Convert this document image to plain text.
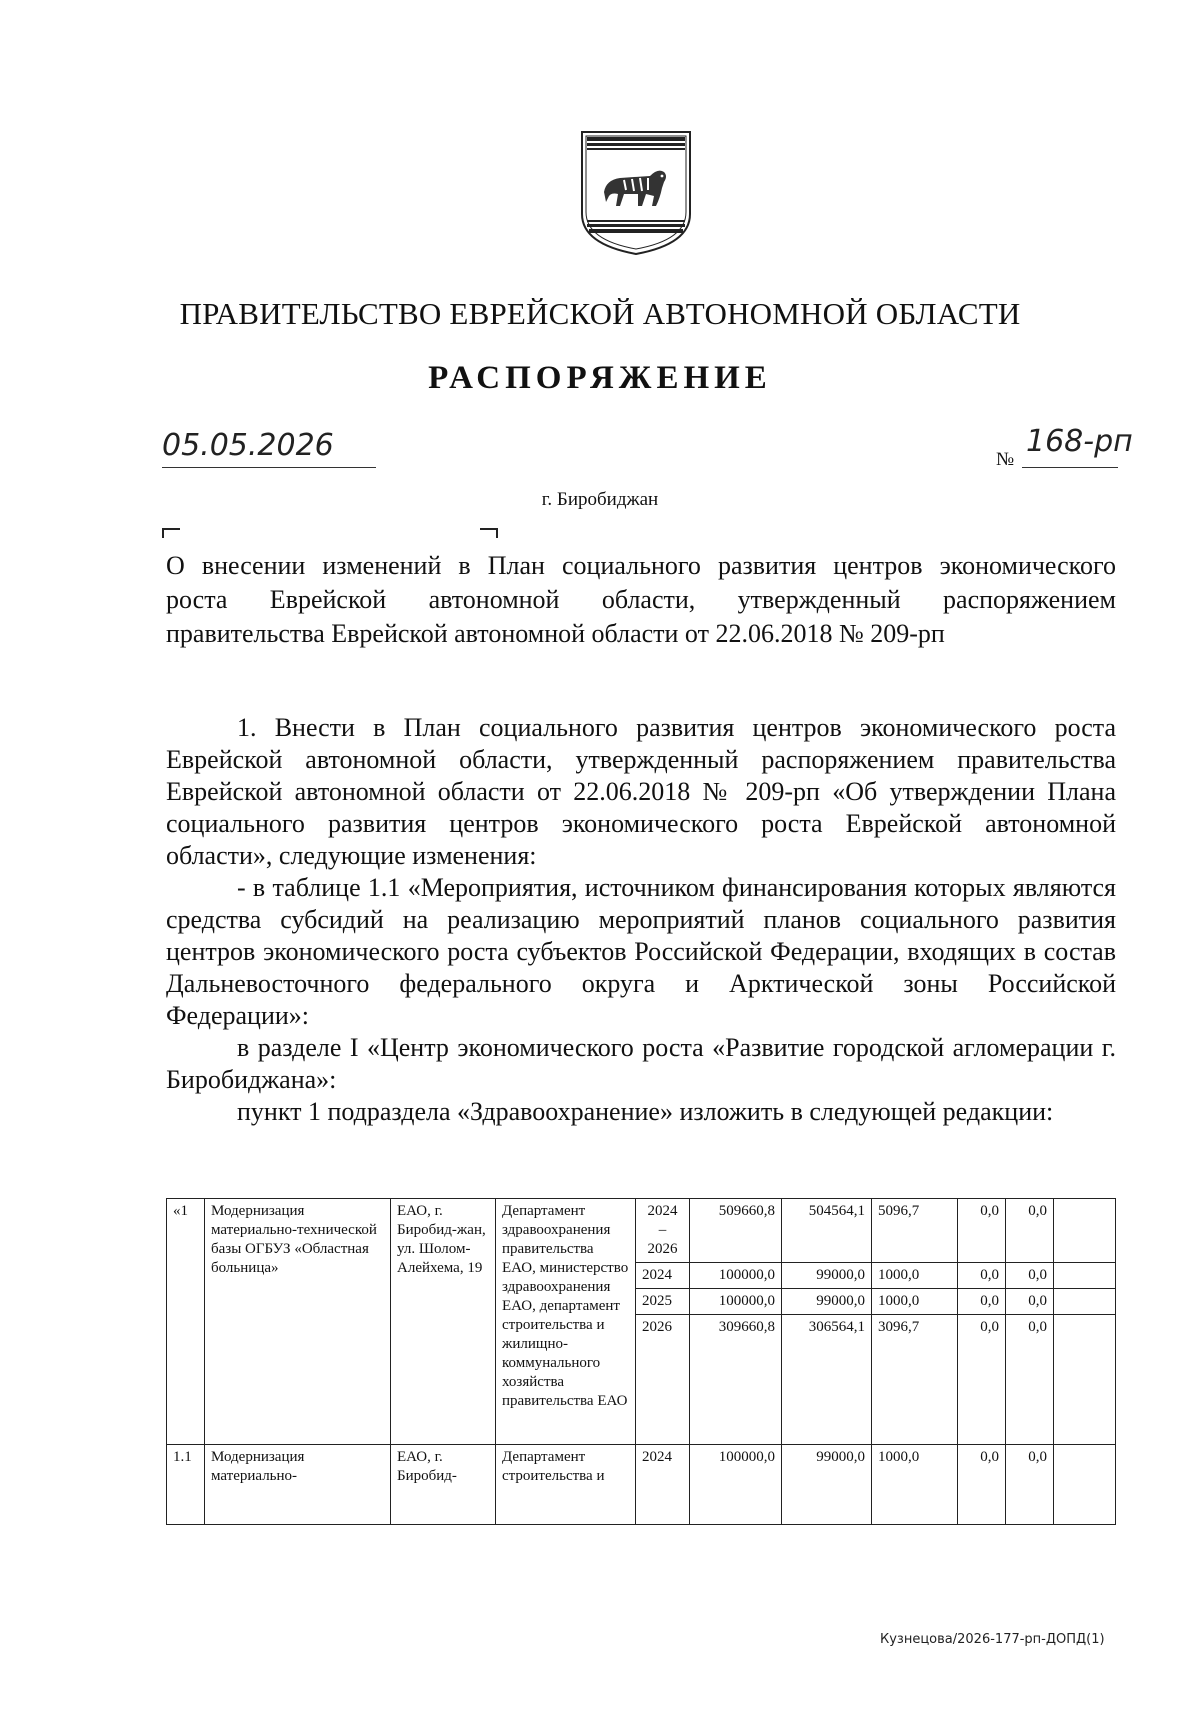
ПРАВИТЕЛЬСТВО ЕВРЕЙСКОЙ АВТОНОМНОЙ ОБЛАСТИ
РАСПОРЯЖЕНИЕ
05.05.2026	№
168-рп
г. Биробиджан
О внесении изменений в План социального развития центров экономического
роста Еврейской автономной области, утвержденный распоряжением
правительства Еврейской автономной области от 22.06.2018 № 209-рп

1. Внести в План социального развития центров экономического роста Еврейской автономной области, утвержденный распоряжением правительства Еврейской автономной области от 22.06.2018 № 209-рп «Об утверждении Плана социального развития центров экономического роста Еврейской автономной области», следующие изменения:

- в таблице 1.1 «Мероприятия, источником финансирования которых являются средства субсидий на реализацию мероприятий планов социального развития центров экономического роста субъектов Российской Федерации, входящих в состав Дальневосточного федерального округа и Арктической зоны Российской Федерации»:

в разделе I «Центр экономического роста «Развитие городской агломерации г. Биробиджана»:

пункт 1 подраздела «Здравоохранение» изложить в следующей редакции:

«1	Модернизация материально-технической базы ОГБУЗ «Областная больница»	ЕАО, г. Биробид-жан, ул. Шолом-Алейхема, 19	Департамент здравоохранения правительства ЕАО, министерство здравоохранения ЕАО, департамент строительства и жилищно-коммунального хозяйства правительства ЕАО	2024 – 2026	509660,8	504564,1	5096,7	0,0	0,0	
				2024	100000,0	99000,0	1000,0	0,0	0,0	
				2025	100000,0	99000,0	1000,0	0,0	0,0	
				2026	309660,8	306564,1	3096,7	0,0	0,0	
1.1	Модернизация материально-	ЕАО, г. Биробид-	Департамент строительства и	2024	100000,0	99000,0	1000,0	0,0	0,0	
Кузнецова/2026-177-рп-ДОПД(1)
